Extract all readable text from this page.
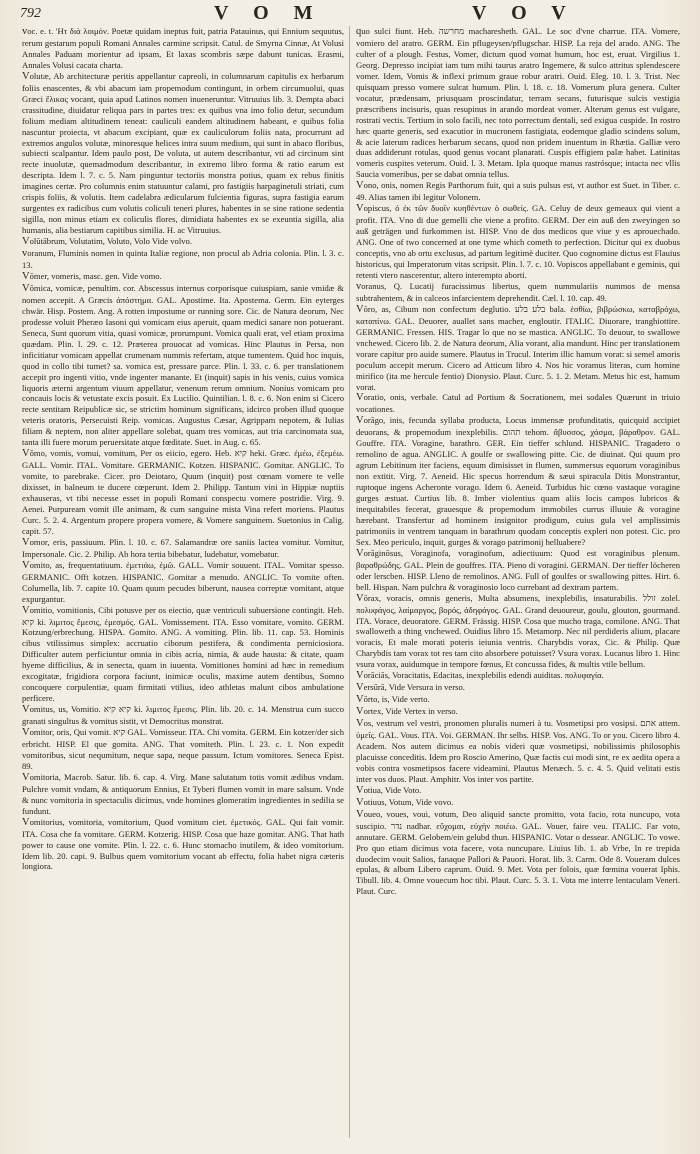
792	V O M	V O V

voc. e. t. 'Ητ διὰ λοιμόν. Poetæ quidam ineptus fuit, patria Patauinus, qui Ennium sequutus, rerum gestarum populi Romani Annales carmine scripsit. Catul. de Smyrna Cinnæ, At Volusi Annales Paduam morientur ad ipsam, Et laxas scombris sæpe dabunt tunicas. Erasmi, Annales Volusi cacata charta.

Volutæ, Ab architecturæ peritis appellantur capreoli, in columnarum capitulis ex herbarum foliis enascentes, & vbi abacum iam propemodum contingunt, in orbem circumuolui, quas Græci ἕλικας vocant, quia apud Latinos nomen inueneruntur. Vitruuius lib. 3. Dempta abaci crassitudine, diuidatur reliqua pars in partes tres: ex quibus vna imo folio detur, secundum folium mediam altitudinem teneat: cauliculi eandem altitudinem habeant, e quibus folia nascuntur proiecta, vt abacum excipiant, quæ ex cauliculorum foliis nata, procurrunt ad extremos angulos volutæ, minoresque helices intra suum medium, qui sunt in abaco floribus, subiecti scalpantur. Idem paulo post, De voluta, ut autem describantur, vti ad circinum sint recte inuolutæ, quemadmodum describantur, in extremo libro forma & ratio earum est descripta. Idem l. 7. c. 5. Nam pinguntur tectoriis monstra potius, quam ex rebus finitis imagines certæ. Pro columnis enim statuuntur calami, pro fastigiis harpaginetuli striati, cum crispis foliis, & volutis. Item cadelabra ædicularum fulcientia figuras, supra fastigia earum surgentes ex radicibus cum volutis coliculi teneri plures, habentes in se sine ratione sedentia sigilla, non minus etiam ex coliculis flores, dimidiata habentes ex se exeuntia sigilla, alia humanis, alia bestiarum capitibus similia. H. ac Vitruuius.

Volūtābrum, Volutatim, Voluto, Volo Vide volvo.

voranum, Fluminis nomen in quinta Italiæ regione, non procul ab Adria colonia. Plin. l. 3. c. 13.

Vōmer, vomeris, masc. gen. Vide vomo.

Vōmica, vomicæ, penultim. cor. Abscessus internus corporisque cuiuspiam, sanie vmidæ & nomen accepit. A Græcis ἀπόστημα. GAL. Apostime. Ita. Apostema. Germ. Ein eyterges chwär. Hisp. Postem. Ang. A rotten impostume or running sore. Cic. de Natura deorum, Nec prodesse voluit Pheræo Iasoni qui vomicam eius aperuit, quam medici sanare non potuerant. Seneca, Sunt quorum vitia, quasi vomicæ, prorumpunt. Vomica quali erat, vel etiam proxima quædam. Plin. l. 29. c. 12. Præterea prouocat ad vomicas. Hinc Plautus in Persa, non inficitiatur vomicam appellat crumenam nummis refertam, atque tumentem. Quid hoc inquis, quod in collo tibi tumet? sa. vomica est, pressare parce. Plin. l. 33. c. 6. per translationem accepit pro ingenti vitio, vnde ingenter manante. Et (inquit) sapis in his venis, cuius vomica liquoris æterni argentum viuum appellatur, venenum rerum omnium. Nonius vomicam pro concauis locis & vetustate excis posuit. Ex Lucilio. Quintilian. l. 8. c. 6. Non enim si Cicero recte sentitam Reipublicæ sic, se strictim hominum significans, idcirco proben illud quoque veteris oratoris, Persecuisti Reip. vomicas. Augustus Cæsar, Agrippam nepotem, & Iulias filiam & neptem, non aliter appellare solebat, quam tres vomicas, aut tria carcinomata sua, tanta illi fuere morum peruersitate atque fœditate. Suet. in Aug. c. 65.

Vŏmo, vomis, vomui, vomitum, Per os eiicio, egero. Heb. קיא heki. Græc. ἐμέω, ἐξεμέω. GALL. Vomir. ITAL. Vomitare. GERMANIC. Kotzen. HISPANIC. Gomitar. ANGLIC. To vomite, to parebrake. Cicer. pro Deiotaro, Quum (inquit) post cœnam vomere te velle dixisset, in balneum te ducere cœperunt. Idem 2. Philipp. Tantum vini in Hippiæ nuptiis exhauseras, vt tibi necesse esset in populi Romani conspectu vomere postridie. Virg. 9. Aenei. Purpuream vomit ille animam, & cum sanguine mista Vina refert moriens. Plautus Curc. 5. 2. 4. Argentum propere propera vomere, & Vomere sanguinem. Suetonius in Calig. capit. 57.

Vomor, eris, passiuum. Plin. l. 10. c. 67. Salamandræ ore saniis lactea vomitur. Vomitur, Impersonale. Cic. 2. Philip. Ab hora tertia bibebatur, ludebatur, vomebatur.

Vomito, as, frequentatiuum. ἐμετιάω, ἐμῶ. GALL. Vomir souuent. ITAL. Vomitar spesso. GERMANIC. Offt kotzen. HISPANIC. Gomitar a menudo. ANGLIC. To vomite often. Columella, lib. 7. capite 10. Quam quum pecudes biberunt, nausea correptæ vomitant, atque expurgantur.

Vomitio, vomitionis, Cibi potusve per os eiectio, quæ ventriculi subuersione contingit. Heb. קיא ki. λιμιτος ἔμεσις, ἐμεσμός. GAL. Vomissement. ITA. Esso vomitare, vomito. GERM. Kotzung/erbrechung. HISPA. Gomito. ANG. A vomiting. Plin. lib. 11. cap. 53. Hominis cibus vtilissimus simplex: accruatio ciborum pestifera, & condimenta perniciosiora. Difficulter autem perficiuntur omnia in cibis acria, nimia, & aude hausta: & citate, quam hyeme difficilius, & in senecta, quam in iuuenta. Vomitiones homini ad hæc in remedium excogitatæ, frigidiora corpora faciunt, inimicæ oculis, maxime autem dentibus, Somno concoquere corpulentiæ, quam firmitati vtilius, ideo athletas malunt cibos ambulatione perficere.

Vomitus, us, Vomitio. קיא קיא ki. λιμιτος ἔμεσις. Plin. lib. 20. c. 14. Menstrua cum succo granati singultus & vomitus sistit, vt Democritus monstrat.

Vomitor, oris, Qui vomit. קיא GAL. Vomisseur. ITA. Chi vomita. GERM. Ein kotzer/der sich erbricht. HISP. El que gomita. ANG. That vomiteth. Plin. l. 23. c. 1. Non expedit vomitoribus, sicut nequmitum, neque sapa, neque passum. Ictum vomitores. Seneca Epist. 89.

Vomitoria, Macrob. Satur. lib. 6. cap. 4. Virg. Mane salutatum totis vomit ædibus vndam. Pulchre vomit vndam, & antiquorum Ennius, Et Tyberi flumen vomit in mare salsum. Vnde & nunc vomitoria in spectaculis dicimus, vnde homines glomeratim ingredientes in sedilia se fundunt.

Vomitorius, vomitoria, vomitorium, Quod vomitum ciet. ἐμετικός. GAL. Qui fait vomir. ITA. Cosa che fa vomitare. GERM. Kotzerig. HISP. Cosa que haze gomitar. ANG. That hath power to cause one vomite. Plin. l. 22. c. 6. Hunc stomacho inutilem, & ideo vomitorium. Idem lib. 20. capi. 9. Bulbus quem vomitorium vocant ab effectu, folia habet nigra cæteris longiora.

quo sulci fiunt. Heb. מחרשה macharesheth. GAL. Le soc d'vne charrue. ITA. Vomere, vomiero del aratro. GERM. Ein pflugeysen/pflugschar. HISP. La reja del arado. ANG. The culter of a plough. Festus, Vomer, dictum quod vomat humum, hoc est, eruat. Virgilius 1. Georg. Depresso incipiat iam tum mihi taurus aratro Ingemere, & sulco attritus splendescere vomer. Idem, Vomis & inflexi primum graue robur aratri. Ouid. Eleg. 10. l. 3. Trist. Nec quisquam presso vomere sulcat humum. Plin. l. 18. c. 18. Vomerum plura genera. Culter vocatur, prædensam, priusquam proscindatur, terram secans, futurisque sulcis vestigia præscribens incisuris, quas resupinus in arando mordeat vomer. Alterum genus est vulgare, rostrati vectis. Tertium in solo facili, nec toto porrectum dentali, sed exigua cuspide. In rostro hæc quarte generis, sed exacutior in mucronem fastigiata, eodemque gladio scindens solum, & acie laterum radices herbarum secans, quod non pridem inuentum in Rhætia. Galliæ vero duas addiderunt rotulas, quod genus vocant planarati. Cuspis effigiem palæ habet. Latinitas vomeris cuspites veterum. Ouid. l. 3. Metam. Ipla quoque manus rastrósque; intacta nec vllis Saucia vomeribus, per se dabat omnia tellus.

Vono, onis, nomen Regis Parthorum fuit, qui a suis pulsus est, vt author est Suet. in Tiber. c. 49. Alias tamen ibi legitur Volonem.

Vopiscus, ὁ ἐκ τῶν δυοῖν κυηθέντων ὁ σωθείς. GA. Celuy de deux gemeaux qui vient a profit. ITA. Vno di due gemelli che viene a profito. GERM. Der ein auß den zweyingen so auß geträgen und furkommen ist. HISP. Vno de dos medicos que viue y es aprouechado. ANG. One of two concerned at one tyme which cometh to perfection. Dicitur qui ex duobus conceptis, vno ab ortu exclusus, ad partum legitimè duciter. Quo cognomine dictus est Flauius historicus, qui Imperatorum vitas scripsit. Plin. l. 7. c. 10. Vopiscos appellabant e geminis, qui retenti vtero nascerentur, altero interempto aborti.

voranus, Q. Lucatij furacissimus libertus, quem nummulariis nummos de mensa subtrahentem, & in calceos infarcientem deprehendit. Cæl. l. 10. cap. 49.

Vōro, as, Cibum non confectum deglutio. בלע בלע bala. ἐσθίω, βιβρώσκω, καταβρόχω, καταπίνω. GAL. Deuorer, auallet sans macher, engloutir. ITALIC. Diuorare, tranghiottire. GERMANIC. Fressen. HIS. Tragar lo que no se mastica. ANGLIC. To deuour, to swallowe vnchewed. Cicero lib. 2. de Natura deorum, Alia vorant, alia mandunt. Hinc per translationem vorare capitur pro auide sumere. Plautus in Trucul. Interim illic hamum vorat: si semel amoris poculum accepit merum. Cicero ad Atticum libro 4. Nos hic voramus literas, cum homine mirifico (ita me hercule fentio) Dionysio. Plaut. Curc. 5. 1. 2. Metam. Metus hic est, hamum vorat.

Voratio, onis, verbale. Catul ad Portium & Socrationem, mei sodales Quærunt in triuio vocationes.

Vorāgo, inis, fecunda syllaba producta, Locus immensæ profunditatis, quicquid accipiet deuorans, & propemodum inexplebilis. תהום tehom. ἄβυσσος, χάσμα, βάραθρον. GAL. Gouffre. ITA. Voragine, barathro. GER. Ein tieffer schlund. HISPANIC. Tragadero o remolino de agua. ANGLIC. A goulfe or swallowing pitte. Cic. de diuinat. Qui quum pro agrum Lebitinum iter faciens, equum dimisisset in flumen, summersus equorum voraginibus non extitit. Virg. 7. Aeneid. Hic specus horrendum & sæui spiracula Ditis Monstrantur, ruptoque ingens Acheronte vorago. Idem 6. Aeneid. Turbidus hic cœno vastaque voragine gurges æstuat. Curtius lib. 8. Imber violentius quam aliis locis campos lubricos & inequitabiles fecerat, grauesque & propemodum immobiles currus illuuie & voragine hærebant. Transfertur ad hominem insignitor prodigum, cuius gula vel amplissimis patrimoniis in ventrem tanquam in barathrum quodam conceptis expleri non potest. Cic. pro Sex. Meo periculo, inquit, gurges & vorago patrimonij helluabere?

Vorāginōsus, Voraginofa, voraginofum, adiectiuum: Quod est voraginibus plenum. βαραθρώδης. GAL. Plein de gouffres. ITA. Pieno di voragini. GERMAN. Der tieffer löcheren oder lerscben. HISP. Lleno de remolinos. ANG. Full of goulfes or swallowing pittes. Hirt. 6. bell. Hispan. Nam pulchra & voraginosio loco currebant ad dextram partem.

Vōrax, voracis, omnis generis, Multa absumens, inexplebilis, insaturabilis. זולל zolel. πολυφάγος, λαίμαργος, βορός, ἀδηφάγος. GAL. Grand deuoureur, goulu, glouton, gourmand. ITA. Vorace, deuoratore. GERM. Frässig. HISP. Cosa que mucho traga, comilone. ANG. That swalloweth a thing vnchewed. Ouidius libro 15. Metamorp. Nec nil perdideris alium, placare voracis, Et male morati poteris ieiunia ventris. Charybdis vorax, Cic. & Philip. Quæ Charybdis tam vorax tot res tam cito absorbere potuisset? Vsura vorax. Lucanus libro 1. Hinc vsura vorax, auidumque in tempore fœnus, Et concussa fides, & multis vtile bellum.

Vorāciās, Voracitatis, Edacitas, inexplebilis edendi auiditas. πολυφαγία.

Versūrā, Vide Versura in verso.

Vōrto, is, Vide verto.

Vortex, Vide Vertex in verso.

Vos, vestrum vel vestri, pronomen pluralis numeri à tu. Vosmetipsi pro vosipsi. אתם attem. ὑμεῖς. GAL. Vous. ITA. Voi. GERMAN. Ihr selbs. HISP. Vos. ANG. To or you. Cicero libro 4. Academ. Nos autem dicimus ea nobis videri quæ vosmetipsi, nobilissimis philosophis placuisse conceditis. Idem pro Roscio Amerino, Quæ factis cui modi sint, re ex aedita opera a vobis contra vosmetipsos facere videamini. Plautus Menæch. 5. c. 4. 5. Quid velitati estis inter vos duos. Plaut. Amphitr. Vos inter vos partite.

Votiua, Vide Voto.

Votiuus, Votum, Vide vovo.

Voueo, voues, voui, votum, Deo aliquid sancte promitto, vota facio, rota nuncupo, vota suscipio. נדר nadhar. εὔχομαι, εὐχὴν ποιέω. GAL. Vouer, faire veu. ITALIC. Far voto, annutare. GERM. Gelobem/ein gelubd thun. HISPANIC. Votar o dessear. ANGLIC. To vowe. Pro quo etiam dicimus vota facere, vota nuncupare. Liuius lib. 1. ab Vrbe, In re trepida duodecim vouit Salios, fanaque Pallori & Pauori. Horat. lib. 3. Carm. Ode 8. Voueram dulces epulas, & album Libero caprum. Ouid. 9. Met. Vota per folois, quæ fœmina vouerat Iphis. Tibull. lib. 4. Omne vouecum hoc tibi. Plaut. Curc. 5. 3. 1. Vota me interre lentaculam Veneri. Plaut. Curc.
